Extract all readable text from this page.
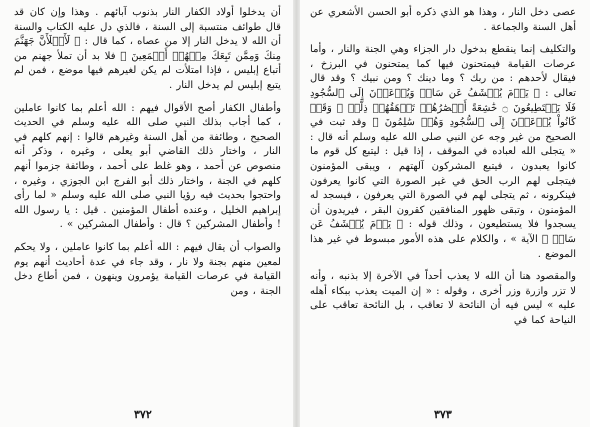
أن يدخلوا أولاد الكفار النار بذنوب آبائهم . وهذا وإن كان قد قال طوائف منتسبة إلى السنة ، فالذي دل عليه الكتاب والسنة أن الله لا يدخل النار إلا من عصاه ، كما قال : ﴿ لَأَمۡلَأَنَّ جَهَنَّمَ مِنكَ وَمِمَّن تَبِعَكَ مِنۡهُمۡ أَجۡمَعِينَ ﴾ فلا بد أن تملأ جهنم من أتباع إبليس ، فإذا امتلأت لم يكن لغيرهم فيها موضع ، فمن لم يتبع إبليس لم يدخل النار .

وأطفال الكفار أصح الأقوال فيهم : الله أعلم بما كانوا عاملين ، كما أجاب بذلك النبي صلى الله عليه وسلم في الحديث الصحيح ، وطائفة من أهل السنة وغيرهم قالوا : إنهم كلهم في النار ، واختار ذلك القاضي أبو يعلى ، وغيره ، وذكر أنه منصوص عن أحمد ، وهو غلط على أحمد ، وطائفة جزموا أنهم كلهم في الجنة ، واختار ذلك أبو الفرج ابن الجوزي ، وغيره ، واحتجوا بحديث فيه رؤيا النبي صلى الله عليه وسلم « لما رأى إبراهيم الخليل ، وعنده أطفال المؤمنين . قيل : يا رسول الله ! وأطفال المشركين ؟ قال : وأطفال المشركين » .

والصواب أن يقال فيهم : الله أعلم بما كانوا عاملين ، ولا يحكم لمعين منهم بجنة ولا نار ، وقد جاء في عدة أحاديث أنهم يوم القيامة في عرصات القيامة يؤمرون وينهون ، فمن أطاع دخل الجنة ، ومن

٣٧٢

عصى دخل النار ، وهذا هو الذي ذكره أبو الحسن الأشعري عن أهل السنة والجماعة .

والتكليف إنما ينقطع بدخول دار الجزاء وهي الجنة والنار ، وأما عرصات القيامة فيمتحنون فيها كما يمتحنون في البرزخ ، فيقال لأحدهم : من ربك ؟ وما دينك ؟ ومن نبيك ؟ وقد قال تعالى : ﴿ يَوۡمَ يُكۡشَفُ عَن سَاقٖ وَيُدۡعَوۡنَ إِلَى ٱلسُّجُودِ فَلَا يَسۡتَطِيعُونَ ۝ خَٰشِعَةً أَبۡصَٰرُهُمۡ تَرۡهَقُهُمۡ ذِلَّةٞ ۖ وَقَدۡ كَانُواْ يُدۡعَوۡنَ إِلَى ٱلسُّجُودِ وَهُمۡ سَٰلِمُونَ ﴾ وقد ثبت في الصحيح من غير وجه عن النبي صلى الله عليه وسلم أنه قال : « يتجلى الله لعباده في الموقف ، إذا قيل : ليتبع كل قوم ما كانوا يعبدون ، فيتبع المشركون آلهتهم ، ويبقى المؤمنون فيتجلى لهم الرب الحق في غير الصورة التي كانوا يعرفون فينكرونه ، ثم يتجلى لهم في الصورة التي يعرفون ، فيسجد له المؤمنون ، وتبقى ظهور المنافقين كقرون البقر ، فيريدون أن يسجدوا فلا يستطيعون ، وذلك قوله : ﴿ يَوۡمَ يُكۡشَفُ عَن سَاقٖ ﴾ الآية » ، والكلام على هذه الأمور مبسوط في غير هذا الموضع .

والمقصود هنا أن الله لا يعذب أحداً في الآخرة إلا بذنبه ، وأنه لا تزر وازرة وزر أخرى ، وقوله : « إن الميت يعذب ببكاء أهله عليه » ليس فيه أن النائحة لا تعاقب ، بل النائحة تعاقب على النياحة كما في

٣٧٣
